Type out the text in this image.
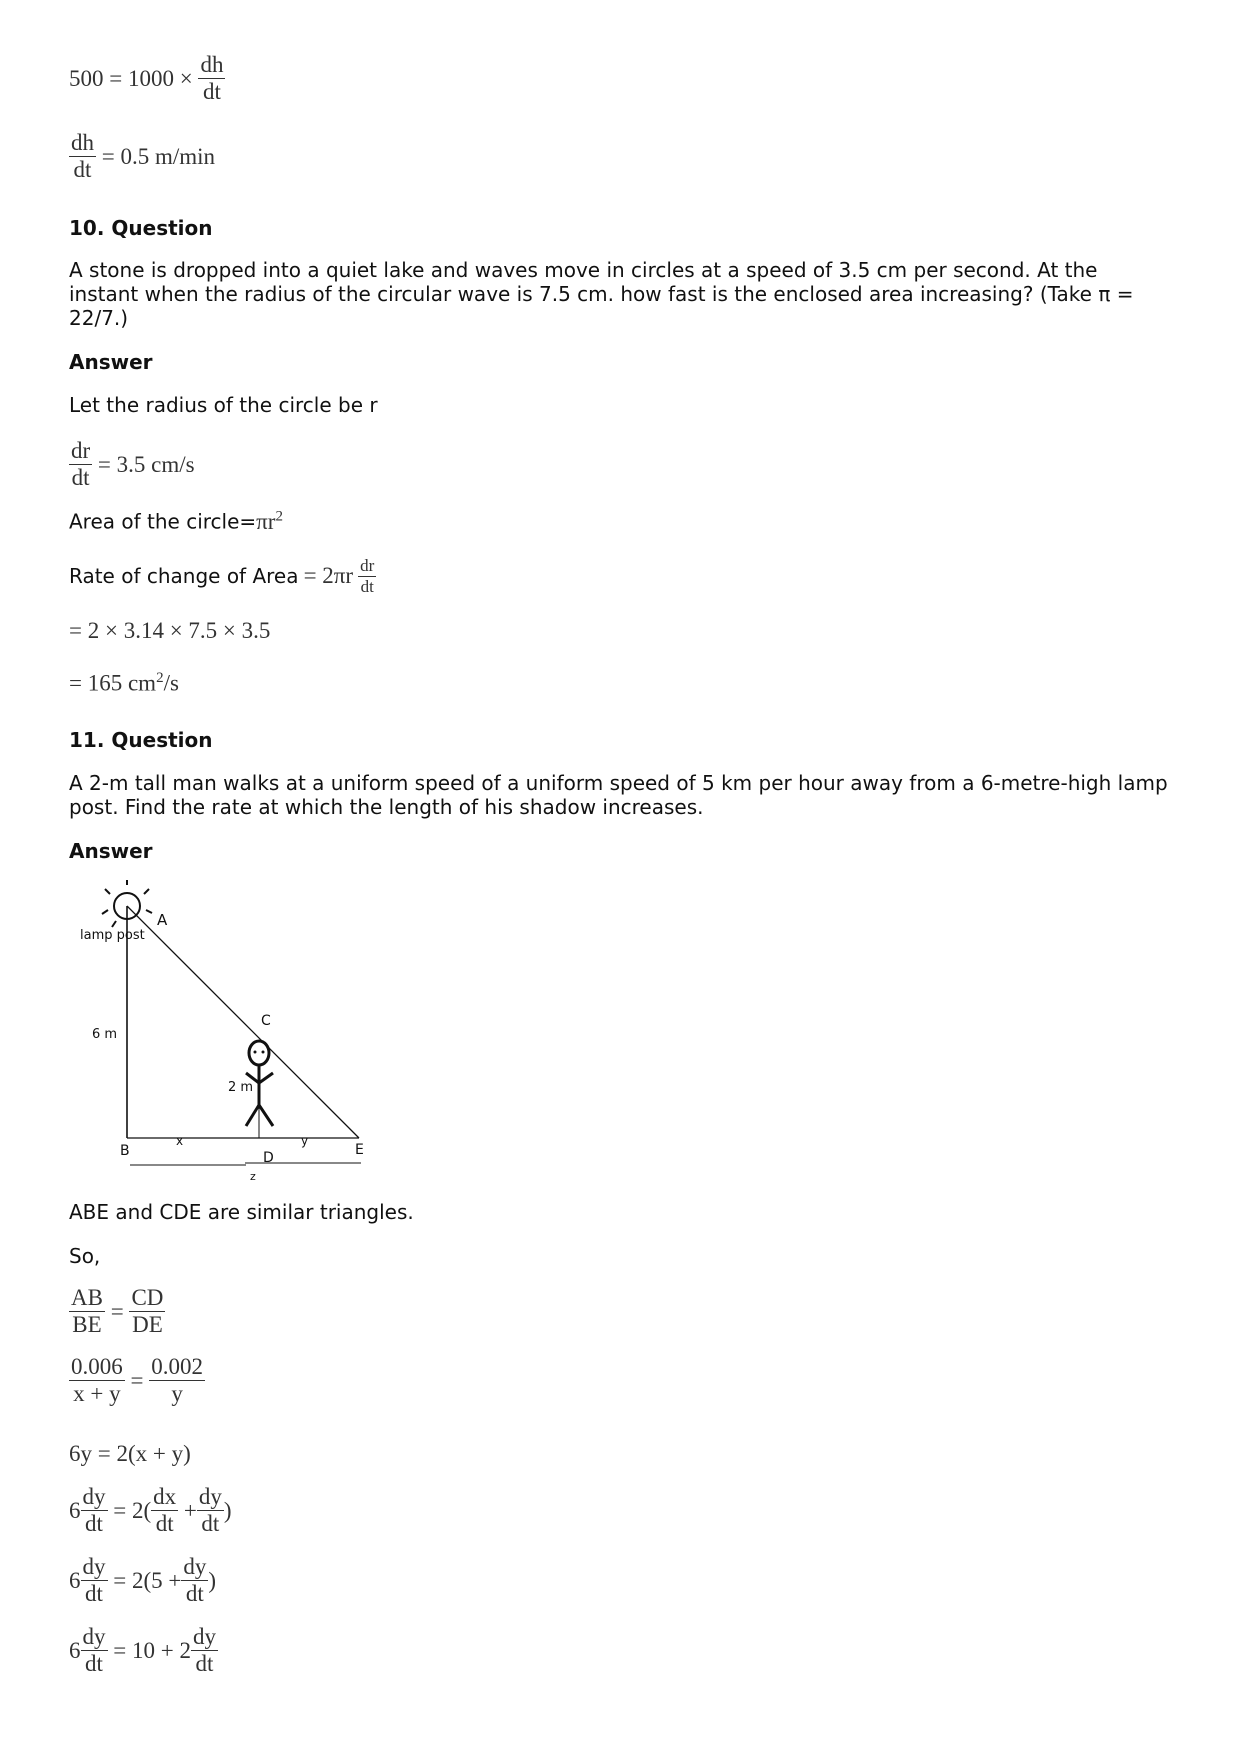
$500 = 1000 \times \frac{dh}{dt}$
$\frac{dh}{dt} = 0.5$ m/min
10. Question
A stone is dropped into a quiet lake and waves move in circles at a speed of 3.5 cm per second. At the instant when the radius of the circular wave is 7.5 cm. how fast is the enclosed area increasing? (Take π = 22/7.)
Answer
Let the radius of the circle be r
$\frac{dr}{dt} = 3.5$ cm/s
Area of the $circle=\pi r^2$
Rate of change of Area = $2\pi r \frac{dr}{dt}$
= 2 × 3.14 × 7.5 × 3.5
= 165 $cm^2/s$
11. Question
A 2-m tall man walks at a uniform speed of a uniform speed of 5 km per hour away from a 6-metre-high lamp post. Find the rate at which the length of his shadow increases.
Answer
A
lamp post
6 m
C
2 m
B
x
D
y
E
z
ABE and CDE are similar triangles.
So,
$\frac{AB}{BE} = \frac{CD}{DE}$
$\frac{0.006}{x + y} = \frac{0.002}{y}$
6y = 2(x + y)
$6 \frac{dy}{dt} = 2( \frac{dx}{dt} + \frac{dy}{dt}$ )
$6 \frac{dy}{dt} = 2(5 + \frac{dy}{dt}$ )
$6 \frac{dy}{dt} = 10 + 2 \frac{dy}{dt}$
